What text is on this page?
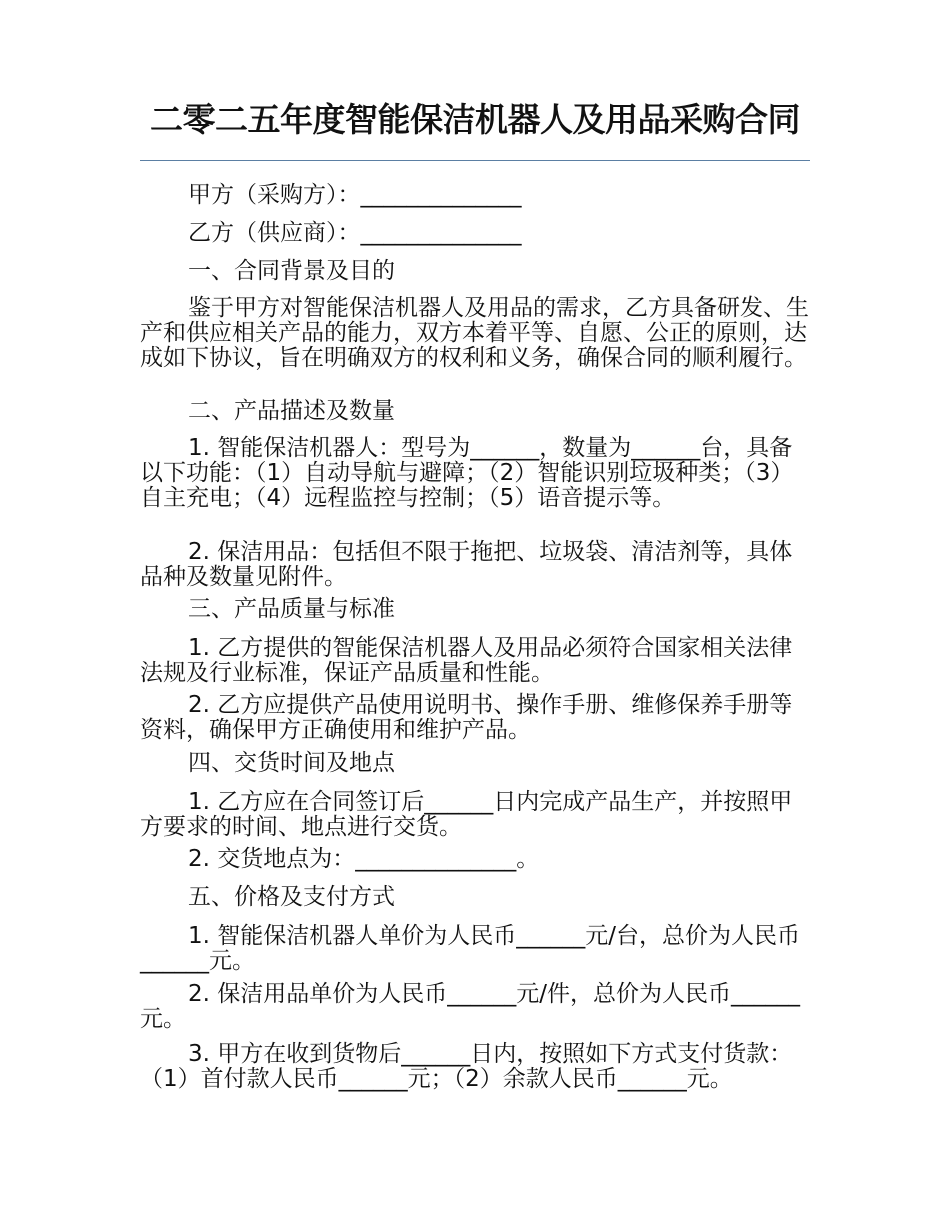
二零二五年度智能保洁机器人及用品采购合同

甲方（采购方）：______________

乙方（供应商）：______________

一、合同背景及目的

鉴于甲方对智能保洁机器人及用品的需求，乙方具备研发、生产和供应相关产品的能力，双方本着平等、自愿、公正的原则，达成如下协议，旨在明确双方的权利和义务，确保合同的顺利履行。

二、产品描述及数量

1. 智能保洁机器人：型号为______，数量为______台，具备以下功能：（1）自动导航与避障；（2）智能识别垃圾种类；（3）自主充电；（4）远程监控与控制；（5）语音提示等。

2. 保洁用品：包括但不限于拖把、垃圾袋、清洁剂等，具体品种及数量见附件。

三、产品质量与标准

1. 乙方提供的智能保洁机器人及用品必须符合国家相关法律法规及行业标准，保证产品质量和性能。

2. 乙方应提供产品使用说明书、操作手册、维修保养手册等资料，确保甲方正确使用和维护产品。

四、交货时间及地点

1. 乙方应在合同签订后______日内完成产品生产，并按照甲方要求的时间、地点进行交货。

2. 交货地点为：______________。

五、价格及支付方式

1. 智能保洁机器人单价为人民币______元/台，总价为人民币______元。

2. 保洁用品单价为人民币______元/件，总价为人民币______元。

3. 甲方在收到货物后______日内，按照如下方式支付货款：（1）首付款人民币______元；（2）余款人民币______元。
